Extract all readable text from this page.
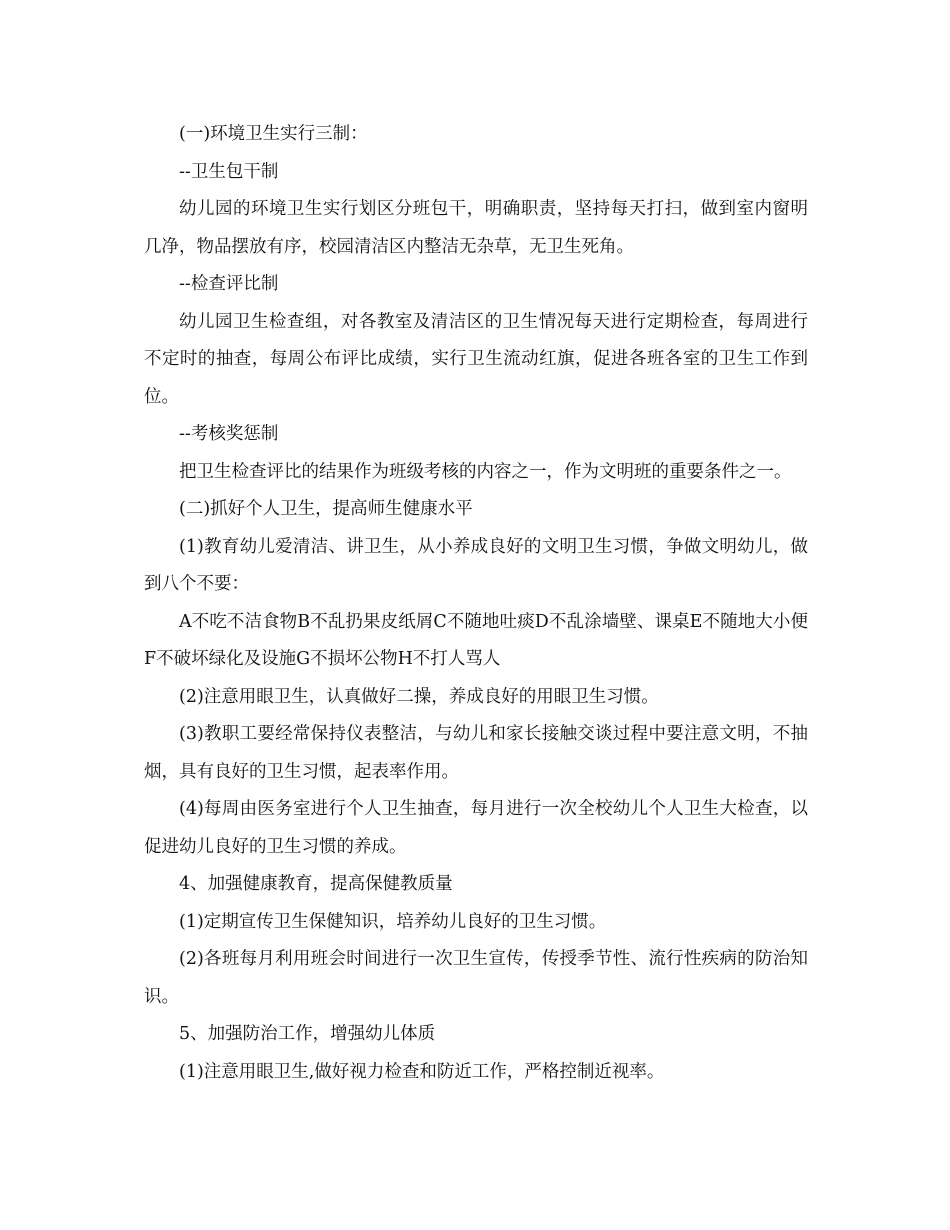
(一)环境卫生实行三制：

--卫生包干制

幼儿园的环境卫生实行划区分班包干，明确职责，坚持每天打扫，做到室内窗明几净，物品摆放有序，校园清洁区内整洁无杂草，无卫生死角。

--检查评比制

幼儿园卫生检查组，对各教室及清洁区的卫生情况每天进行定期检查，每周进行不定时的抽查，每周公布评比成绩，实行卫生流动红旗，促进各班各室的卫生工作到位。

--考核奖惩制

把卫生检查评比的结果作为班级考核的内容之一，作为文明班的重要条件之一。

(二)抓好个人卫生，提高师生健康水平

(1)教育幼儿爱清洁、讲卫生，从小养成良好的文明卫生习惯，争做文明幼儿，做到八个不要：

A不吃不洁食物B不乱扔果皮纸屑C不随地吐痰D不乱涂墙壁、课桌E不随地大小便F不破坏绿化及设施G不损坏公物H不打人骂人

(2)注意用眼卫生，认真做好二操，养成良好的用眼卫生习惯。

(3)教职工要经常保持仪表整洁，与幼儿和家长接触交谈过程中要注意文明，不抽烟，具有良好的卫生习惯，起表率作用。

(4)每周由医务室进行个人卫生抽查，每月进行一次全校幼儿个人卫生大检查，以促进幼儿良好的卫生习惯的养成。

4、加强健康教育，提高保健教质量

(1)定期宣传卫生保健知识，培养幼儿良好的卫生习惯。

(2)各班每月利用班会时间进行一次卫生宣传，传授季节性、流行性疾病的防治知识。

5、加强防治工作，增强幼儿体质

(1)注意用眼卫生,做好视力检查和防近工作，严格控制近视率。
